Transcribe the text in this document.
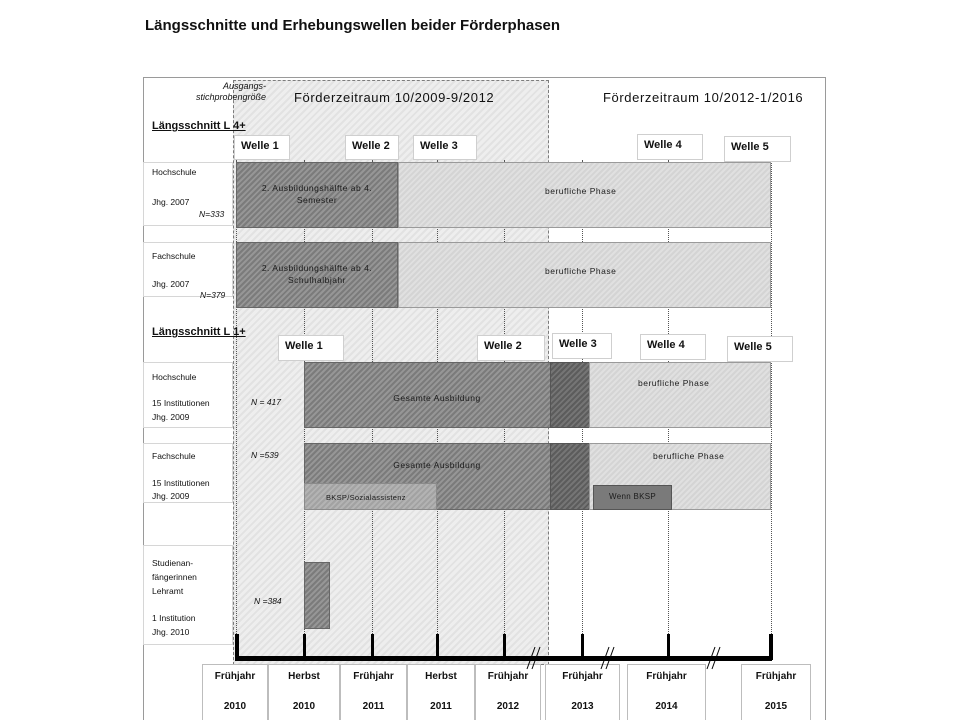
Längsschnitte und Erhebungswellen beider Förderphasen
Ausgangs-
stichprobengröße Förderzeitraum 10/2009-9/2012	Förderzeitraum 10/2012-1/2016
Längsschnitt L 4+
Welle 1	Welle 2	Welle 3	Welle 4	Welle 5
Hochschule
Jhg. 2007
N=333
2. Ausbildungshälfte ab 4.
Semester
berufliche Phase
Fachschule
Jhg. 2007
N=379
2. Ausbildungshälfte ab 4.
Schulhalbjahr
berufliche Phase
Längsschnitt L 1+
Welle 1	Welle 2	Welle 3	Welle 4	Welle 5
Hochschule
15 Institutionen
Jhg. 2009
N = 417	Gesamte Ausbildung
berufliche Phase
Fachschule
15 Institutionen
Jhg. 2009
N =539
Gesamte Ausbildung
BKSP/Sozialassistenz	Wenn BKSP
berufliche Phase
Studienan-
fängerinnen
Lehramt
1 Institution
Jhg. 2010
N =384
Frühjahr
2010
Herbst
2010
Frühjahr
2011
Herbst
2011
Frühjahr
2012
Frühjahr
2013
Frühjahr
2014
Frühjahr
2015
